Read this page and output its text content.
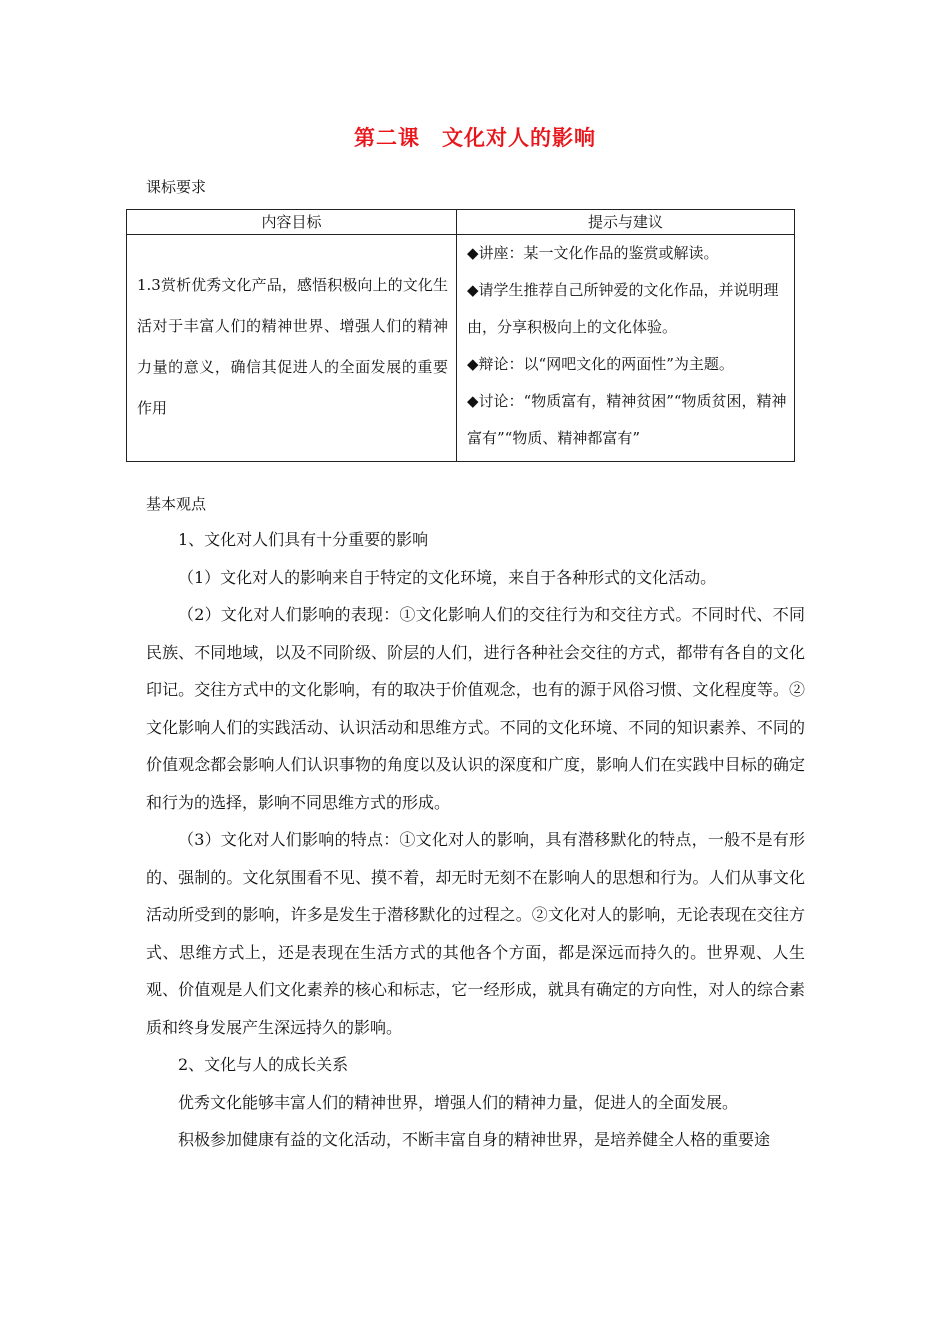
第二课　文化对人的影响
课标要求
内容目标	提示与建议

1.3赏析优秀文化产品，感悟积极向上的文化生活对于丰富人们的精神世界、增强人们的精神力量的意义，确信其促进人的全面发展的重要作用	◆讲座：某一文化作品的鉴赏或解读。

◆请学生推荐自己所钟爱的文化作品，并说明理由，分享积极向上的文化体验。

◆辩论：以“网吧文化的两面性”为主题。

◆讨论：“物质富有，精神贫困”“物质贫困，精神富有”“物质、精神都富有”

基本观点

1、文化对人们具有十分重要的影响

（1）文化对人的影响来自于特定的文化环境，来自于各种形式的文化活动。

（2）文化对人们影响的表现：①文化影响人们的交往行为和交往方式。不同时代、不同民族、不同地域，以及不同阶级、阶层的人们，进行各种社会交往的方式，都带有各自的文化印记。交往方式中的文化影响，有的取决于价值观念，也有的源于风俗习惯、文化程度等。②文化影响人们的实践活动、认识活动和思维方式。不同的文化环境、不同的知识素养、不同的价值观念都会影响人们认识事物的角度以及认识的深度和广度，影响人们在实践中目标的确定和行为的选择，影响不同思维方式的形成。

（3）文化对人们影响的特点：①文化对人的影响，具有潜移默化的特点，一般不是有形的、强制的。文化氛围看不见、摸不着，却无时无刻不在影响人的思想和行为。人们从事文化活动所受到的影响，许多是发生于潜移默化的过程之。②文化对人的影响，无论表现在交往方式、思维方式上，还是表现在生活方式的其他各个方面，都是深远而持久的。世界观、人生观、价值观是人们文化素养的核心和标志，它一经形成，就具有确定的方向性，对人的综合素质和终身发展产生深远持久的影响。

2、文化与人的成长关系

优秀文化能够丰富人们的精神世界，增强人们的精神力量，促进人的全面发展。

积极参加健康有益的文化活动，不断丰富自身的精神世界，是培养健全人格的重要途
